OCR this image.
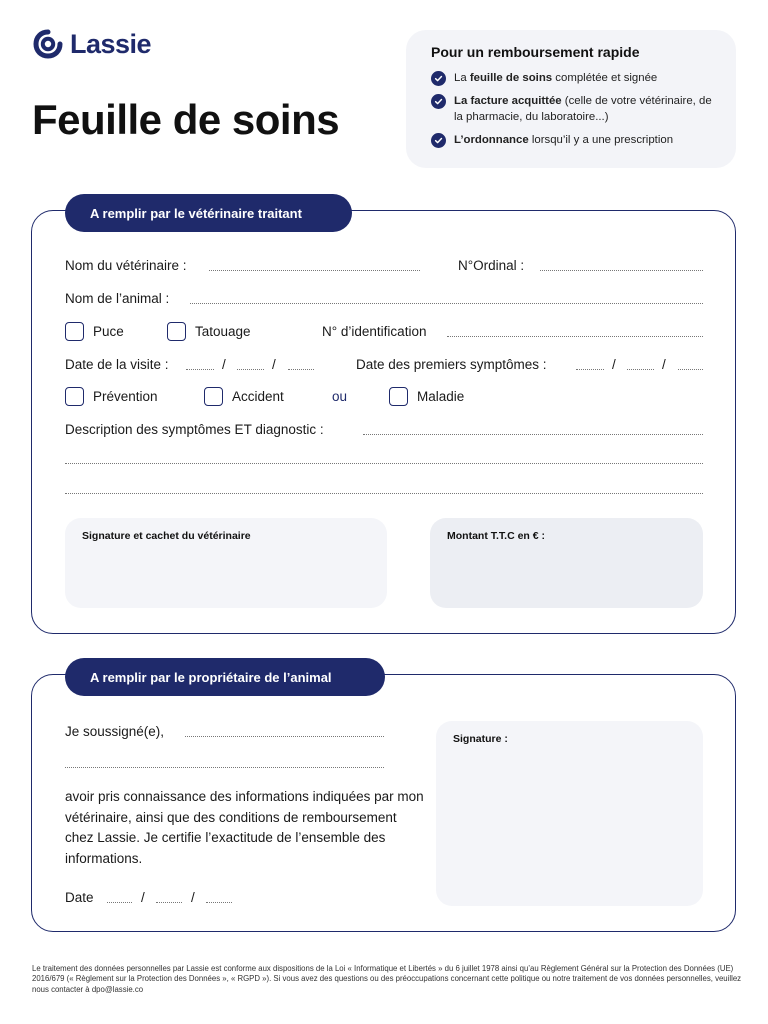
Lassie
Feuille de soins
Pour un remboursement rapide
La feuille de soins complétée et signée
La facture acquittée (celle de votre vétérinaire, de la pharmacie, du laboratoire...)
L’ordonnance lorsqu’il y a une prescription
A remplir par le vétérinaire traitant
Nom du vétérinaire :	N°Ordinal :
Nom de l’animal :
Puce	Tatouage	N° d’identification
Date de la visite :	/	/	Date des premiers symptômes :	/	/
Prévention	Accident	ou	Maladie
Description des symptômes ET diagnostic :
Signature et cachet du vétérinaire	Montant T.T.C en € :
A remplir par le propriétaire de l’animal
Je soussigné(e),

avoir pris connaissance des informations indiquées par mon vétérinaire, ainsi que des conditions de remboursement chez Lassie. Je certifie l’exactitude de l’ensemble des informations.

Date	/	/
Signature :

Le traitement des données personnelles par Lassie est conforme aux dispositions de la Loi « Informatique et Libertés » du 6 juillet 1978 ainsi qu’au Règlement Général sur la Protection des Données (UE) 2016/679 (« Règlement sur la Protection des Données », « RGPD »). Si vous avez des questions ou des préoccupations concernant cette politique ou notre traitement de vos données personnelles, veuillez nous contacter à dpo@lassie.co
